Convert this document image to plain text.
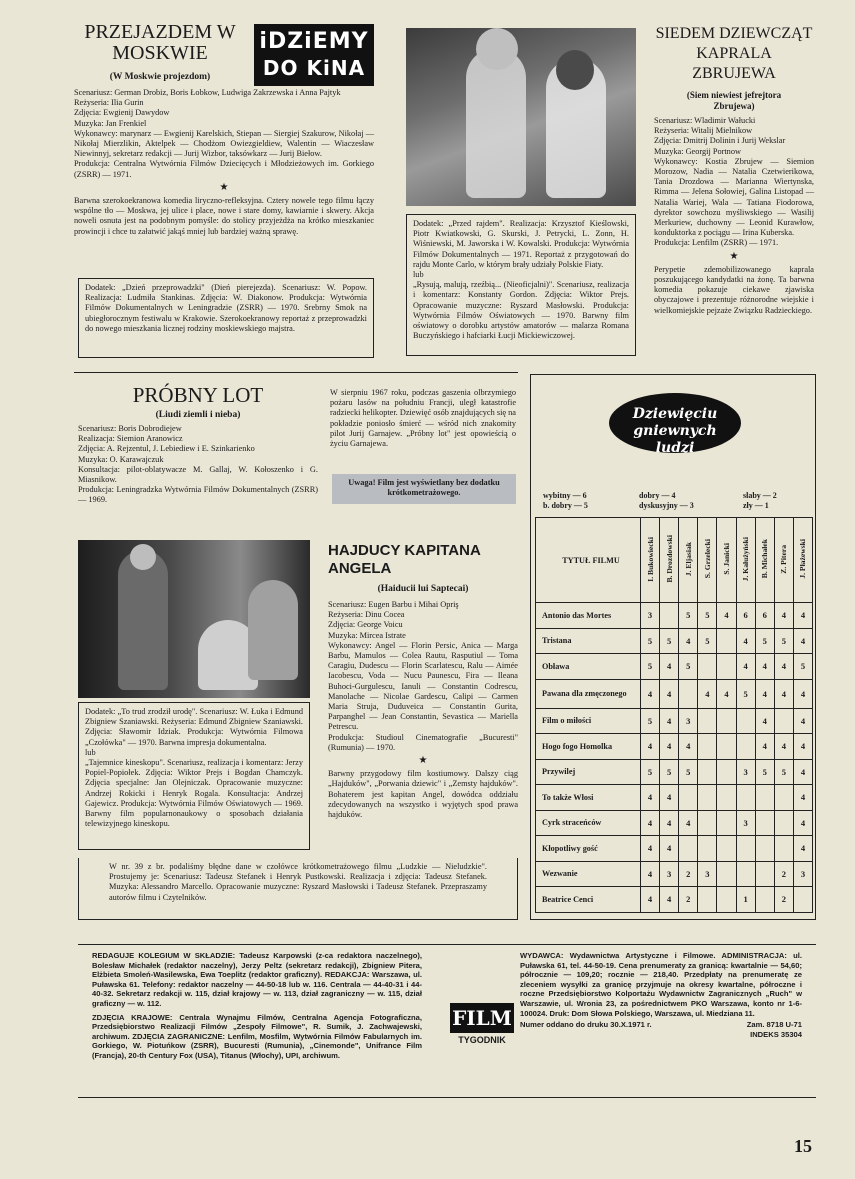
PRZEJAZDEM W MOSKWIE
(W Moskwie projezdom)
Scenariusz: German Drobiz, Boris Łobkow, Ludwiga Zakrzewska i Anna Pajtyk
Reżyseria: Ilia Gurin
Zdjęcia: Ewgienij Dawydow
Muzyka: Jan Frenkiel
Wykonawcy: marynarz — Ewgienij Karelskich, Stiepan — Siergiej Szakurow, Nikołaj — Nikołaj Mierzlikin, Aktelpek — Chodżom Owiezgieldiew, Walentin — Wiaczesław Niewinnyj, sekretarz redakcji — Jurij Wizbor, taksówkarz — Jurij Biełow.
Produkcja: Centralna Wytwórnia Filmów Dziecięcych i Młodzieżowych im. Gorkiego (ZSRR) — 1971.
★
Barwna szerokoekranowa komedia liryczno-refleksyjna. Cztery nowele tego filmu łączy wspólne tło — Moskwa, jej ulice i place, nowe i stare domy, kawiarnie i skwery. Akcja noweli osnuta jest na podobnym pomyśle: do stolicy przyjeżdża na krótko mieszkaniec prowincji i chce tu załatwić jakąś mniej lub bardziej ważną sprawę.
iDZiEMY
DO KiNA
Dodatek: „Dzień przeprowadzki" (Dień pierejezda). Scenariusz: W. Popow. Realizacja: Ludmiła Stankinas. Zdjęcia: W. Diakonow. Produkcja: Wytwórnia Filmów Dokumentalnych w Leningradzie (ZSRR) — 1970. Srebrny Smok na ubiegłorocznym festiwalu w Krakowie. Szerokoekranowy reportaż z przeprowadzki do nowego mieszkania licznej rodziny moskiewskiego majstra.
Dodatek: „Przed rajdem". Realizacja: Krzysztof Kieślowski, Piotr Kwiatkowski, G. Skurski, J. Petrycki, L. Zonn, H. Wiśniewski, M. Jaworska i W. Kowalski. Produkcja: Wytwórnia Filmów Dokumentalnych — 1971. Reportaż z przygotowań do rajdu Monte Carlo, w którym brały udziały Polskie Fiaty.
lub
„Rysują, malują, rzeźbią... (Nieoficjalni)". Scenariusz, realizacja i komentarz: Konstanty Gordon. Zdjęcia: Wiktor Prejs. Opracowanie muzyczne: Ryszard Masłowski. Produkcja: Wytwórnia Filmów Oświatowych — 1970. Barwny film oświatowy o dorobku artystów amatorów — malarza Romana Buczyńskiego i hafciarki Łucji Mickiewiczowej.
SIEDEM DZIEWCZĄT KAPRALA ZBRUJEWA
(Siem niewiest jefrejtora Zbrujewa)
Scenariusz: Wladimir Wałucki
Reżyseria: Witalij Mielnikow
Zdjęcia: Dmitrij Dolinin i Jurij Wekslar
Muzyka: Georgij Portnow
Wykonawcy: Kostia Zbrujew — Siemion Morozow, Nadia — Natalia Czetwierikowa, Tania Drozdowa — Marianna Wiertynska, Rimma — Jelena Sołowiej, Galina Listopad — Natalia Wariej, Wala — Tatiana Fiodorowa, dyrektor sowchozu myśliwskiego — Wasilij Merkuriew, duchowny — Leonid Kurawłow, konduktorka z pociągu — Irina Kuberska.
Produkcja: Lenfilm (ZSRR) — 1971.
★
Perypetie zdemobilizowanego kaprala poszukującego kandydatki na żonę. Ta barwna komedia pokazuje ciekawe zjawiska obyczajowe i prezentuje różnorodne wiejskie i wielkomiejskie pejzaże Związku Radzieckiego.
PRÓBNY LOT
(Liudi ziemli i nieba)
Scenariusz: Boris Dobrodiejew
Realizacja: Siemion Aranowicz
Zdjęcia: A. Rejzentul, J. Lebiediew i E. Szinkarienko
Muzyka: O. Karawajczuk
Konsultacja: pilot-oblatywacze M. Gallaj, W. Kołoszenko i G. Miasnikow.
Produkcja: Leningradzka Wytwórnia Filmów Dokumentalnych (ZSRR) — 1969.
W sierpniu 1967 roku, podczas gaszenia olbrzymiego pożaru lasów na południu Francji, uległ katastrofie radziecki helikopter. Dziewięć osób znajdujących się na pokładzie poniosło śmierć — wśród nich znakomity pilot Jurij Garnajew. „Próbny lot" jest opowieścią o życiu Garnajewa.
Uwaga! Film jest wyświetlany bez dodatku krótkometrażowego.
Dodatek: „To trud zrodził urodę". Scenariusz: W. Łuka i Edmund Zbigniew Szaniawski. Reżyseria: Edmund Zbigniew Szaniawski. Zdjęcia: Sławomir Idziak. Produkcja: Wytwórnia Filmowa „Czołówka" — 1970. Barwna impresja dokumentalna.
lub
„Tajemnice kineskopu". Scenariusz, realizacja i komentarz: Jerzy Popiel-Popiołek. Zdjęcia: Wiktor Prejs i Bogdan Chamczyk. Zdjęcia specjalne: Jan Olejniczak. Opracowanie muzyczne: Andrzej Rokicki i Henryk Rogala. Konsultacja: Andrzej Gajewicz. Produkcja: Wytwórnia Filmów Oświatowych — 1969. Barwny film popularnonaukowy o sposobach działania telewizyjnego kineskopu.
HAJDUCY KAPITANA ANGELA
(Haiducii lui Saptecai)
Scenariusz: Eugen Barbu i Mihai Opriş
Reżyseria: Dinu Cocea
Zdjęcia: George Voicu
Muzyka: Mircea Istrate
Wykonawcy: Angel — Florin Persic, Anica — Marga Barbu, Mamulos — Colea Rautu, Rasputiul — Toma Caragiu, Dudescu — Florin Scarlatescu, Ralu — Aimée Iacobescu, Voda — Nucu Paunescu, Fira — Ileana Buhoci-Gurgulescu, Ianuli — Constantin Codrescu, Manolache — Nicolae Gardescu, Calipi — Carmen Maria Struja, Duduveica — Constantin Gurita, Parpanghel — Jean Constantin, Sevastica — Mariella Petrescu.
Produkcja: Studioul Cinematografie „Bucuresti" (Rumunia) — 1970.
★
Barwny przygodowy film kostiumowy. Dalszy ciąg „Hajduków", „Porwania dziewic" i „Zemsty hajduków". Bohaterem jest kapitan Angel, dowódca oddziału zdecydowanych na wszystko i wyjętych spod prawa hajduków.
W nr. 39 z br. podaliśmy błędne dane w czołówce krótkometrażowego filmu „Ludzkie — Nieludzkie". Prostujemy je: Scenariusz: Tadeusz Stefanek i Henryk Pustkowski. Realizacja i zdjęcia: Tadeusz Stefanek. Muzyka: Alessandro Marcello. Opracowanie muzyczne: Ryszard Masłowski i Tadeusz Stefanek. Przepraszamy autorów filmu i Czytelników.
Dziewięciu gniewnych ludzi
wybitny — 6
b. dobry — 5
dobry — 4
dyskusyjny — 3
słaby — 2
zły — 1
TYTUŁ FILMU	I. Bukowiecki	B. Drozdowski	J. Eljasiak	S. Grzelecki	S. Janicki	J. Kałużyński	B. Michałek	Z. Pitera	J. Płażewski
Antonio das Mortes	3		5	5	4	6	6	4	4
Tristana	5	5	4	5		4	5	5	4
Obława	5	4	5			4	4	4	5
Pawana dla zmęczonego	4	4		4	4	5	4	4	4
Film o miłości	5	4	3				4		4
Hogo fogo Homolka	4	4	4				4	4	4
Przywilej	5	5	5			3	5	5	4
To także Włosi	4	4							4
Cyrk straceńców	4	4	4			3			4
Kłopotliwy gość	4	4							4
Wezwanie	4	3	2	3				2	3
Beatrice Cenci	4	4	2			1		2	
REDAGUJE KOLEGIUM W SKŁADZIE: Tadeusz Karpowski (z-ca redaktora naczelnego), Bolesław Michałek (redaktor naczelny), Jerzy Peltz (sekretarz redakcji), Zbigniew Pitera, Elżbieta Smoleń-Wasilewska, Ewa Toeplitz (redaktor graficzny). REDAKCJA: Warszawa, ul. Puławska 61. Telefony: redaktor naczelny — 44-50-18 lub w. 116. Centrala — 44-40-31 i 44-40-32. Sekretarz redakcji w. 115, dział krajowy — w. 113, dział zagraniczny — w. 115, dział graficzny — w. 112.
ZDJĘCIA KRAJOWE: Centrala Wynajmu Filmów, Centralna Agencja Fotograficzna, Przedsiębiorstwo Realizacji Filmów „Zespoły Filmowe", R. Sumik, J. Zachwajewski, archiwum. ZDJĘCIA ZAGRANICZNE: Lenfilm, Mosfilm, Wytwórnia Filmów Fabularnych im. Gorkiego, W. Piotuńkow (ZSRR), Bucuresti (Rumunia), „Cinemonde", Unifrance Film (Francja), 20-th Century Fox (USA), Titanus (Włochy), UPI, archiwum.
FILM
TYGODNIK
WYDAWCA: Wydawnictwa Artystyczne i Filmowe. ADMINISTRACJA: ul. Puławska 61, tel. 44-50-19. Cena prenumeraty za granicą: kwartalnie — 54,60; półrocznie — 109,20; rocznie — 218,40. Przedpłaty na prenumeratę ze zleceniem wysyłki za granicę przyjmuje na okresy kwartalne, półroczne i roczne Przedsiębiorstwo Kolportażu Wydawnictw Zagranicznych „Ruch" w Warszawie, ul. Wronia 23, za pośrednictwem PKO Warszawa, konto nr 1-6-100024. Druk: Dom Słowa Polskiego, Warszawa, ul. Miedziana 11.
Numer oddano do druku 30.X.1971 r.	Zam. 8718 U-71
INDEKS 35304
15
